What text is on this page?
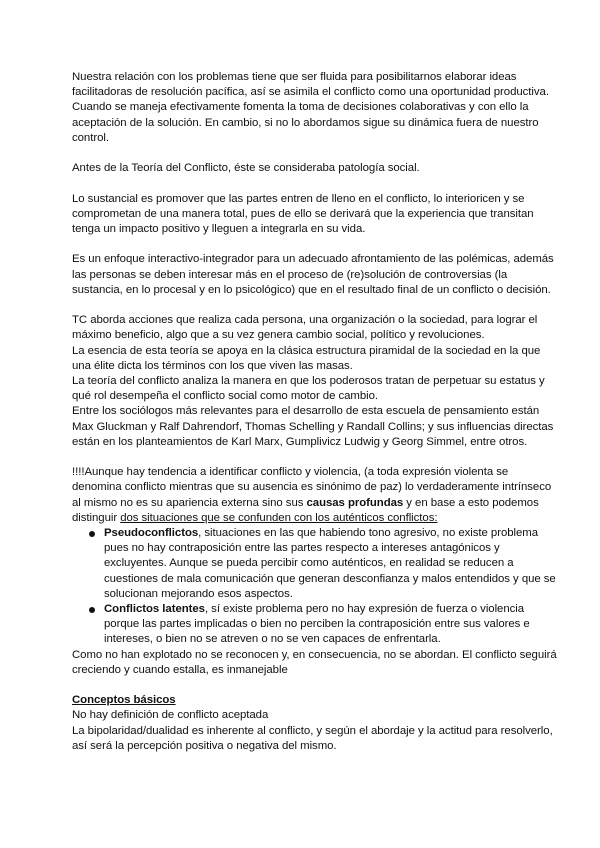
Nuestra relación con los problemas tiene que ser fluida para posibilitarnos elaborar ideas facilitadoras de resolución pacífica, así se asimila el conflicto como una oportunidad productiva.

Cuando se maneja efectivamente fomenta la toma de decisiones colaborativas y con ello la aceptación de la solución. En cambio, si no lo abordamos sigue su dinámica fuera de nuestro control.

Antes de la Teoría del Conflicto, éste se consideraba patología social.

Lo sustancial es promover que las partes entren de lleno en el conflicto, lo interioricen y se comprometan de una manera total, pues de ello se derivará que la experiencia que transitan tenga un impacto positivo y lleguen a integrarla en su vida.

Es un enfoque interactivo-integrador para un adecuado afrontamiento de las polémicas, además las personas se deben interesar más en el proceso de (re)solución de controversias (la sustancia, en lo procesal y en lo psicológico) que en el resultado final de un conflicto o decisión.

TC aborda acciones que realiza cada persona, una organización o la sociedad, para lograr el máximo beneficio, algo que a su vez genera cambio social, político y revoluciones.

La esencia de esta teoría se apoya en la clásica estructura piramidal de la sociedad en la que una élite dicta los términos con los que viven las masas.

La teoría del conflicto analiza la manera en que los poderosos tratan de perpetuar su estatus y qué rol desempeña el conflicto social como motor de cambio.

Entre los sociólogos más relevantes para el desarrollo de esta escuela de pensamiento están Max Gluckman y Ralf Dahrendorf, Thomas Schelling y Randall Collins; y sus influencias directas están en los planteamientos de Karl Marx, Gumplivicz Ludwig y Georg Simmel, entre otros.

!!!!Aunque hay tendencia a identificar conflicto y violencia, (a toda expresión violenta se denomina conflicto mientras que su ausencia es sinónimo de paz) lo verdaderamente intrínseco al mismo no es su apariencia externa sino sus causas profundas y en base a esto podemos distinguir dos situaciones que se confunden con los auténticos conflictos:

Pseudoconflictos, situaciones en las que habiendo tono agresivo, no existe problema pues no hay contraposición entre las partes respecto a intereses antagónicos y excluyentes. Aunque se pueda percibir como auténticos, en realidad se reducen a cuestiones de mala comunicación que generan desconfianza y malos entendidos y que se solucionan mejorando esos aspectos.
Conflictos latentes, sí existe problema pero no hay expresión de fuerza o violencia porque las partes implicadas o bien no perciben la contraposición entre sus valores e intereses, o bien no se atreven o no se ven capaces de enfrentarla.

Como no han explotado no se reconocen y, en consecuencia, no se abordan. El conflicto seguirá creciendo y cuando estalla, es inmanejable

Conceptos básicos

No hay definición de conflicto aceptada

La bipolaridad/dualidad es inherente al conflicto, y según el abordaje y la actitud para resolverlo, así será la percepción positiva o negativa del mismo.
